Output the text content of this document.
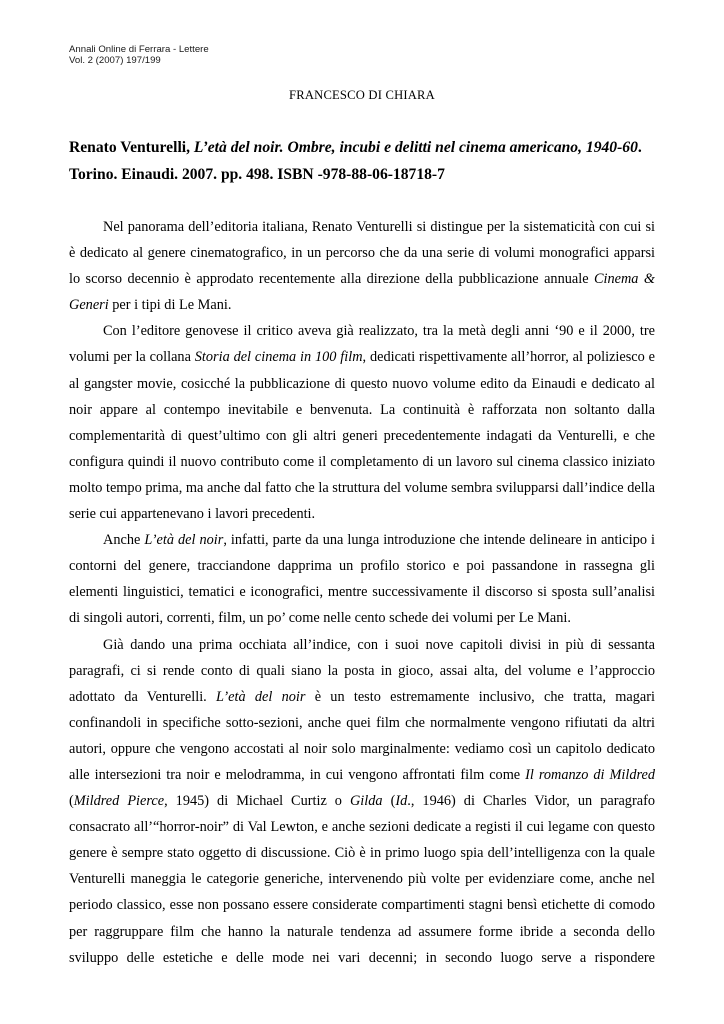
Annali Online di Ferrara - Lettere
Vol. 2 (2007) 197/199
FRANCESCO DI CHIARA
Renato Venturelli, L’età del noir. Ombre, incubi e delitti nel cinema americano, 1940-60. Torino. Einaudi. 2007. pp. 498. ISBN -978-88-06-18718-7

Nel panorama dell’editoria italiana, Renato Venturelli si distingue per la sistematicità con cui si è dedicato al genere cinematografico, in un percorso che da una serie di volumi monografici apparsi lo scorso decennio è approdato recentemente alla direzione della pubblicazione annuale Cinema & Generi per i tipi di Le Mani.

Con l’editore genovese il critico aveva già realizzato, tra la metà degli anni ‘90 e il 2000, tre volumi per la collana Storia del cinema in 100 film, dedicati rispettivamente all’horror, al poliziesco e al gangster movie, cosicché la pubblicazione di questo nuovo volume edito da Einaudi e dedicato al noir appare al contempo inevitabile e benvenuta. La continuità è rafforzata non soltanto dalla complementarità di quest’ultimo con gli altri generi precedentemente indagati da Venturelli, e che configura quindi il nuovo contributo come il completamento di un lavoro sul cinema classico iniziato molto tempo prima, ma anche dal fatto che la struttura del volume sembra svilupparsi dall’indice della serie cui appartenevano i lavori precedenti.

Anche L’età del noir, infatti, parte da una lunga introduzione che intende delineare in anticipo i contorni del genere, tracciandone dapprima un profilo storico e poi passandone in rassegna gli elementi linguistici, tematici e iconografici, mentre successivamente il discorso si sposta sull’analisi di singoli autori, correnti, film, un po’ come nelle cento schede dei volumi per Le Mani.

Già dando una prima occhiata all’indice, con i suoi nove capitoli divisi in più di sessanta paragrafi, ci si rende conto di quali siano la posta in gioco, assai alta, del volume e l’approccio adottato da Venturelli. L’età del noir è un testo estremamente inclusivo, che tratta, magari confinandoli in specifiche sotto-sezioni, anche quei film che normalmente vengono rifiutati da altri autori, oppure che vengono accostati al noir solo marginalmente: vediamo così un capitolo dedicato alle intersezioni tra noir e melodramma, in cui vengono affrontati film come Il romanzo di Mildred (Mildred Pierce, 1945) di Michael Curtiz o Gilda (Id., 1946) di Charles Vidor, un paragrafo consacrato all’“horror-noir” di Val Lewton, e anche sezioni dedicate a registi il cui legame con questo genere è sempre stato oggetto di discussione. Ciò è in primo luogo spia dell’intelligenza con la quale Venturelli maneggia le categorie generiche, intervenendo più volte per evidenziare come, anche nel periodo classico, esse non possano essere considerate compartimenti stagni bensì etichette di comodo per raggruppare film che hanno la naturale tendenza ad assumere forme ibride a seconda dello sviluppo delle estetiche e delle mode nei vari decenni; in secondo luogo serve a rispondere
